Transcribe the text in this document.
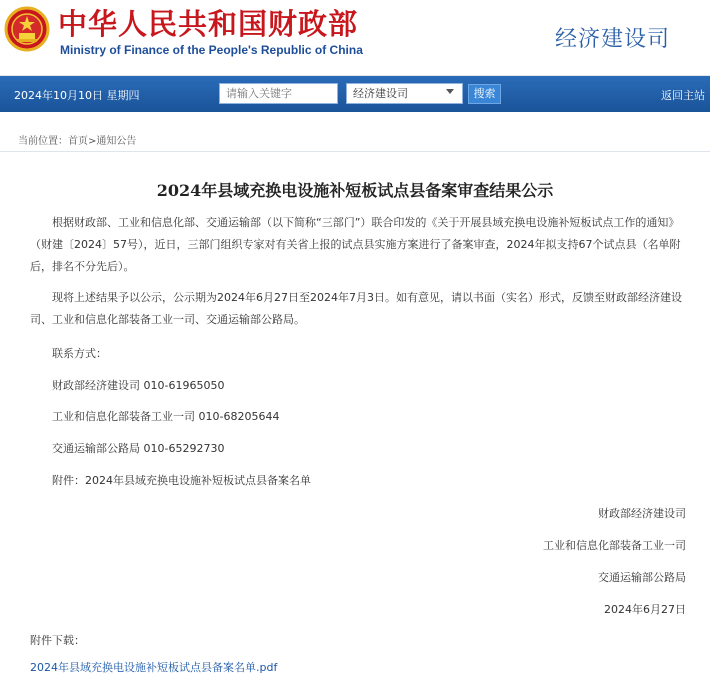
中华人民共和国财政部
Ministry of Finance of the People's Republic of China	经济建设司
2024年10月10日 星期四
请输入关键字	经济建设司	搜索	返回主站
当前位置：首页>通知公告
2024年县域充换电设施补短板试点县备案审查结果公示
根据财政部、工业和信息化部、交通运输部（以下简称“三部门”）联合印发的《关于开展县域充换电设施补短板试点工作的通知》（财建〔2024〕57号），近日，三部门组织专家对有关省上报的试点县实施方案进行了备案审查，2024年拟支持67个试点县（名单附后，排名不分先后）。
现将上述结果予以公示，公示期为2024年6月27日至2024年7月3日。如有意见，请以书面（实名）形式，反馈至财政部经济建设司、工业和信息化部装备工业一司、交通运输部公路局。
联系方式：
财政部经济建设司 010-61965050
工业和信息化部装备工业一司 010-68205644
交通运输部公路局 010-65292730
附件：2024年县域充换电设施补短板试点县备案名单
财政部经济建设司
工业和信息化部装备工业一司
交通运输部公路局
2024年6月27日
附件下载：
2024年县域充换电设施补短板试点县备案名单.pdf
